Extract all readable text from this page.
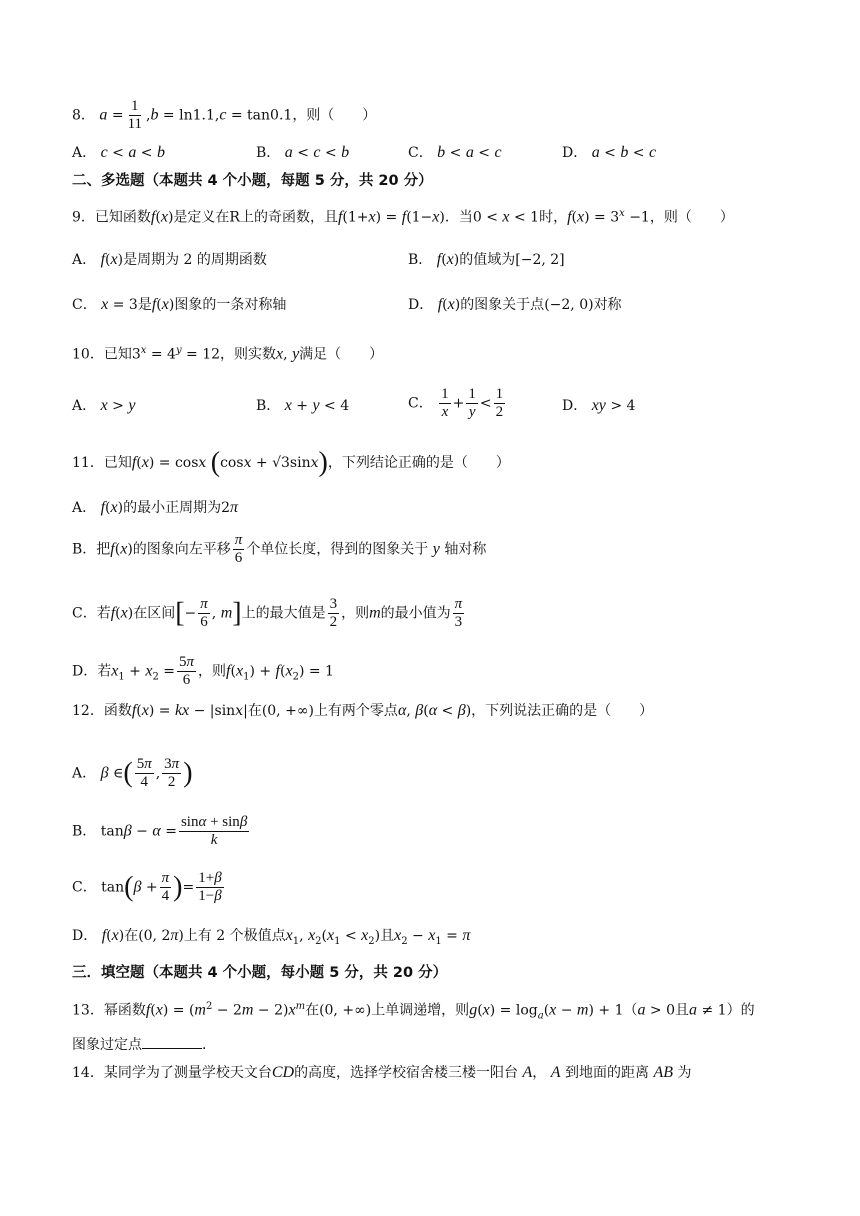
8． $a = \frac{1}{11} ,b = \ln 1.1,c = \tan 0.1$，则（　　）
A． c < a < b	B． a < c < b	C． b < a < c	D． a < b < c
二、多选题（本题共 4 个小题，每题 5 分，共 20 分）
9．已知函数f(x)是定义在R上的奇函数，且f(1+x) = f(1−x)．当0 < x < 1时，$f(x) = 3^x -1$，则（　　）
A． f(x)是周期为 2 的周期函数	B． f(x)的值域为[−2, 2]
C． x = 3是f(x)图象的一条对称轴	D． f(x)的图象关于点(−2, 0)对称
10．已知$3^x = 4^y = 12$，则实数x, y满足（　　）
A． x > y	B． x + y < 4	C． $\frac{1}{x} + \frac{1}{y} < \frac{1}{2}$	D． xy > 4
11．已知f(x) = cosx (cosx + √3sinx)，下列结论正确的是（　　）
A． f(x)的最小正周期为2π
B．把f(x)的图象向左平移 $\frac{\pi}{6}$ 个单位长度，得到的图象关于 y 轴对称
C．若f(x)在区间[− $\frac{\pi}{6}$ , m]上的最大值是 $\frac{3}{2}$ ，则m的最小值为 $\frac{\pi}{3}$
D．若$x_1 + x_2 = \frac{5\pi}{6}$ ，则$f(x_1) + f(x_2) = 1$
12．函数f(x) = kx − |sinx|在(0, +∞)上有两个零点α, β(α < β)，下列说法正确的是（　　）
A． β ∈( $\frac{5\pi}{4}$ , $\frac{3\pi}{2}$ )
B． $\tan\beta - \alpha = \frac{\sin\alpha + \sin\beta}{k}$
C． $\tan(\beta + \frac{\pi}{4}$ )= $\frac{1+\beta}{1-\beta}$
D． f(x)在(0, 2π)上有 2 个极值点$x_1$, $x_2(x_1 < x_2)$且$x_2 - x_1 = \pi$
三．填空题（本题共 4 个小题，每小题 5 分，共 20 分）
13．幂函数$f(x) = (m^2 - 2m - 2)x^m$在(0, +∞)上单调递增，则$g(x) = \log_a(x - m) + 1(a > 0$且a ≠ 1）的
图象过定点	．
14．某同学为了测量学校天文台CD的高度，选择学校宿舍楼三楼一阳台 A， A 到地面的距离 AB 为
